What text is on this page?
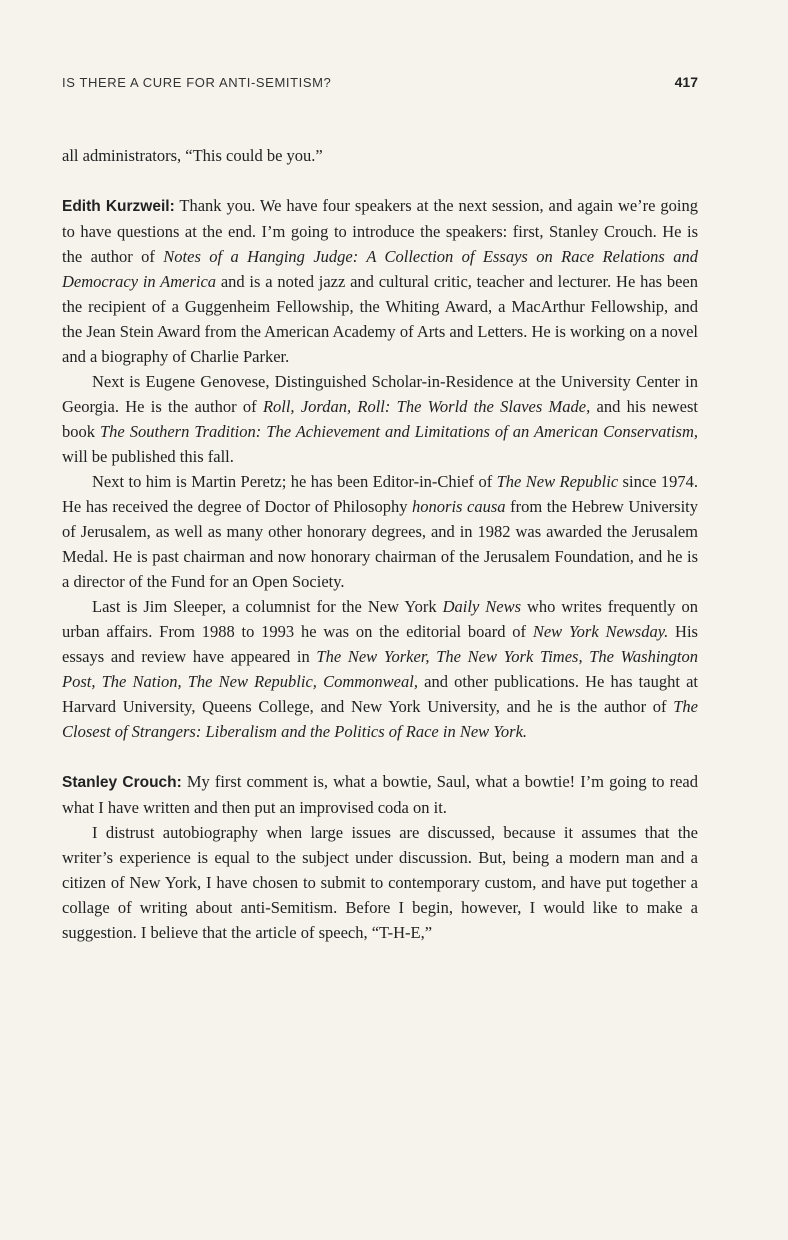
IS THERE A CURE FOR ANTI-SEMITISM?	417

all administrators, “This could be you.”

Edith Kurzweil: Thank you. We have four speakers at the next session, and again we’re going to have questions at the end. I’m going to introduce the speakers: first, Stanley Crouch. He is the author of Notes of a Hanging Judge: A Collection of Essays on Race Relations and Democracy in America and is a noted jazz and cultural critic, teacher and lecturer. He has been the recipient of a Guggenheim Fellowship, the Whiting Award, a MacArthur Fellowship, and the Jean Stein Award from the American Academy of Arts and Letters. He is working on a novel and a biography of Charlie Parker.

Next is Eugene Genovese, Distinguished Scholar-in-Residence at the University Center in Georgia. He is the author of Roll, Jordan, Roll: The World the Slaves Made, and his newest book The Southern Tradition: The Achievement and Limitations of an American Conservatism, will be published this fall.

Next to him is Martin Peretz; he has been Editor-in-Chief of The New Republic since 1974. He has received the degree of Doctor of Philosophy honoris causa from the Hebrew University of Jerusalem, as well as many other honorary degrees, and in 1982 was awarded the Jerusalem Medal. He is past chairman and now honorary chairman of the Jerusalem Foundation, and he is a director of the Fund for an Open Society.

Last is Jim Sleeper, a columnist for the New York Daily News who writes frequently on urban affairs. From 1988 to 1993 he was on the editorial board of New York Newsday. His essays and review have appeared in The New Yorker, The New York Times, The Washington Post, The Nation, The New Republic, Commonweal, and other publications. He has taught at Harvard University, Queens College, and New York University, and he is the author of The Closest of Strangers: Liberalism and the Politics of Race in New York.

Stanley Crouch: My first comment is, what a bowtie, Saul, what a bowtie! I’m going to read what I have written and then put an improvised coda on it.

I distrust autobiography when large issues are discussed, because it assumes that the writer’s experience is equal to the subject under discussion. But, being a modern man and a citizen of New York, I have chosen to submit to contemporary custom, and have put together a collage of writing about anti-Semitism. Before I begin, however, I would like to make a suggestion. I believe that the article of speech, “T-H-E,”
